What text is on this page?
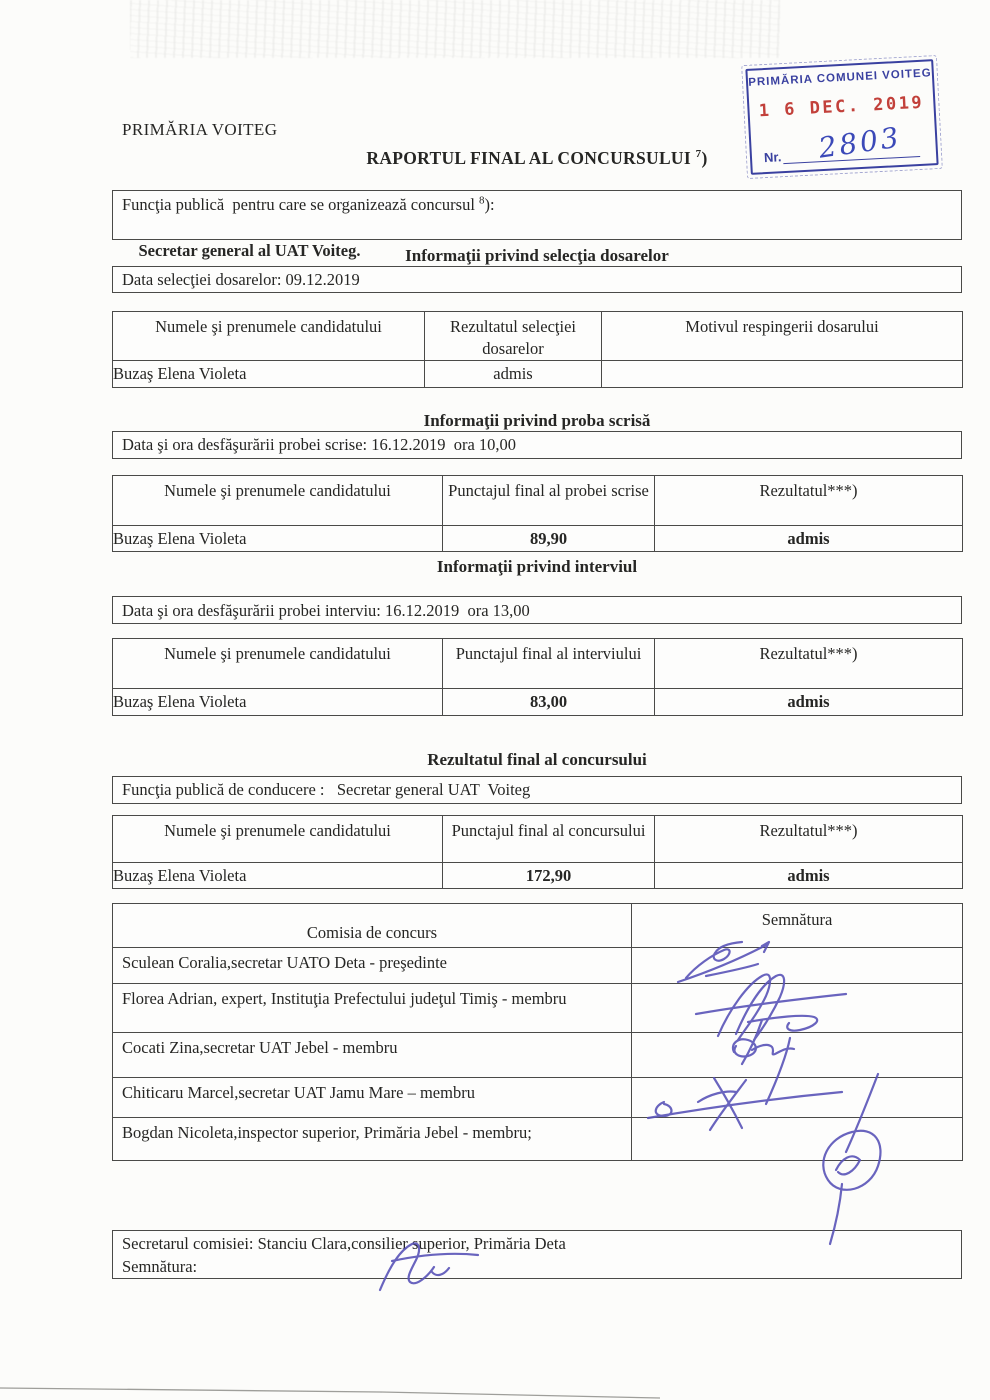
PRIMĂRIA VOITEG
RAPORTUL FINAL AL CONCURSULUI $^7$)
PRIMĂRIA COMUNEI VOITEG
1 6 DEC. 2019
Nr. 2803
Funcţia publică  pentru care se organizează concursul $^8$):

Secretar general al UAT Voiteg.
	Informaţii privind selecţia dosarelor
Data selecţiei dosarelor: 09.12.2019
Numele şi prenumele candidatului	Rezultatul selecţiei dosarelor	Motivul respingerii dosarului
Buzaş Elena Violeta	admis	
Informaţii privind proba scrisă
Data şi ora desfăşurării probei scrise: 16.12.2019  ora 10,00
Numele şi prenumele candidatului	Punctajul final al probei scrise	Rezultatul***)
Buzaş Elena Violeta	89,90	admis
Informaţii privind interviul
Data şi ora desfăşurării probei interviu: 16.12.2019  ora 13,00
Numele şi prenumele candidatului	Punctajul final al interviului	Rezultatul***)
Buzaş Elena Violeta	83,00	admis
Rezultatul final al concursului
Funcţia publică de conducere :   Secretar general UAT  Voiteg
Numele şi prenumele candidatului	Punctajul final al concursului	Rezultatul***)
Buzaş Elena Violeta	172,90	admis
Comisia de concurs	Semnătura
Sculean Coralia,secretar UATO Deta - preşedinte	
Florea Adrian, expert, Instituţia Prefectului judeţul Timiş - membru	
Cocati Zina,secretar UAT Jebel - membru	
Chiticaru Marcel,secretar UAT Jamu Mare – membru	
Bogdan Nicoleta,inspector superior, Primăria Jebel - membru;	
Secretarul comisiei: Stanciu Clara,consilier superior, Primăria Deta
Semnătura:
